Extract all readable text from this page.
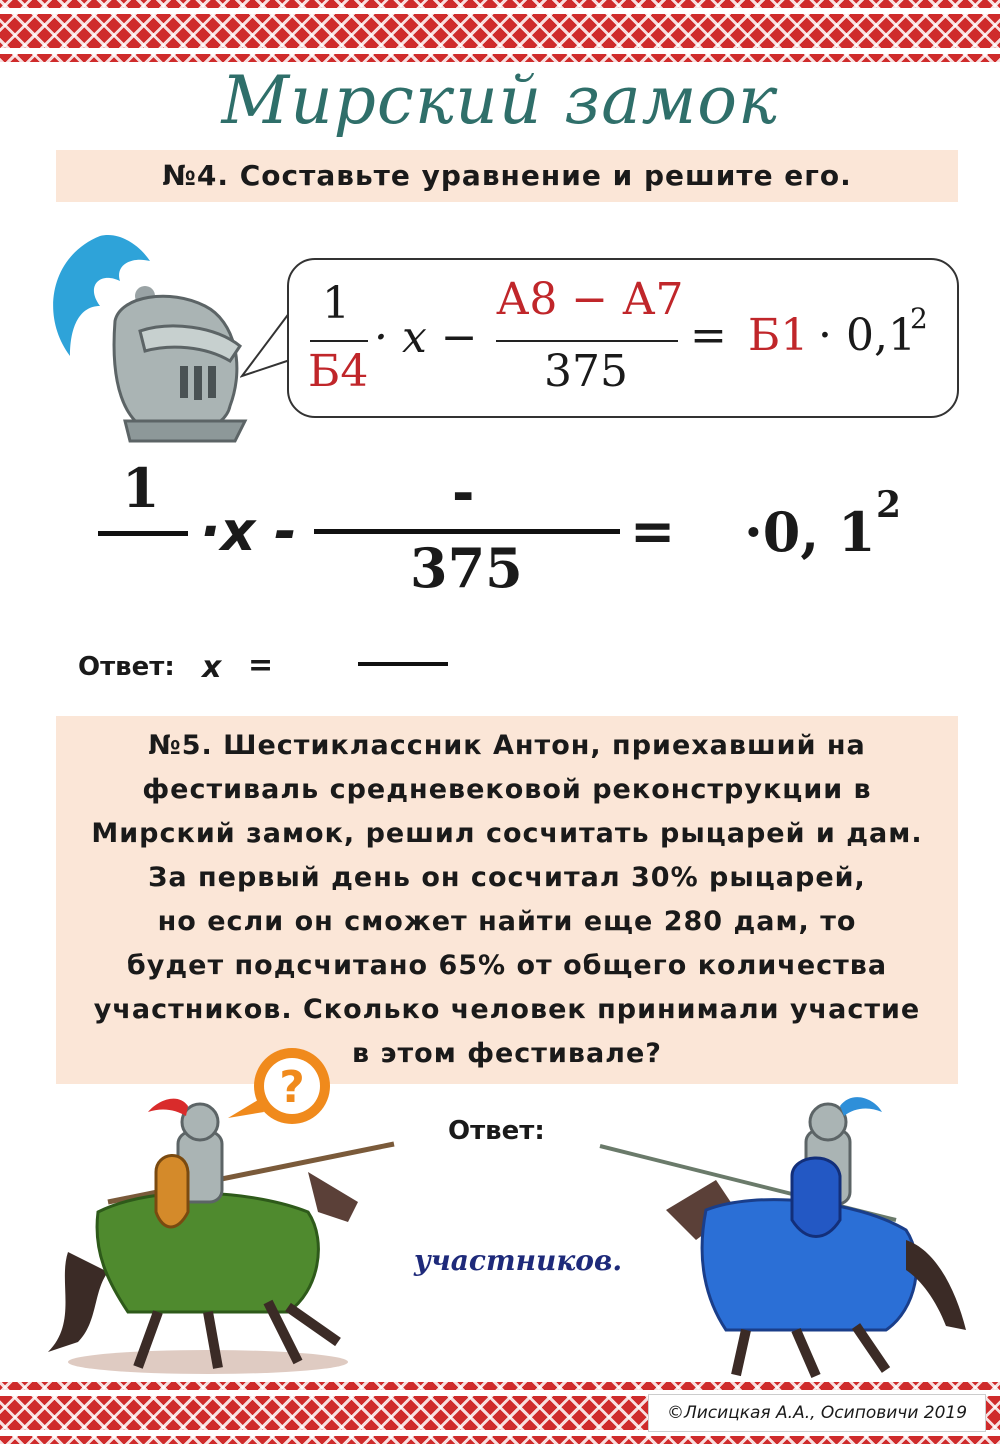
Мирский замок
№4. Составьте уравнение и решите его.
1
Б4
· x −
А8 − А7
375
= Б1 · 0,1
2
1
·x -
-
375
= ·0, 1 2
Ответ: x =
№5. Шестиклассник Антон, приехавший на
фестиваль средневековой реконструкции в
Мирский замок, решил сосчитать рыцарей и дам.
За первый день он сосчитал 30% рыцарей,
но если он сможет найти еще 280 дам, то
будет подсчитано 65% от общего количества
участников. Сколько человек принимали участие
в этом фестивале?
?
Ответ:
участников.
©Лисицкая А.А., Осиповичи 2019
